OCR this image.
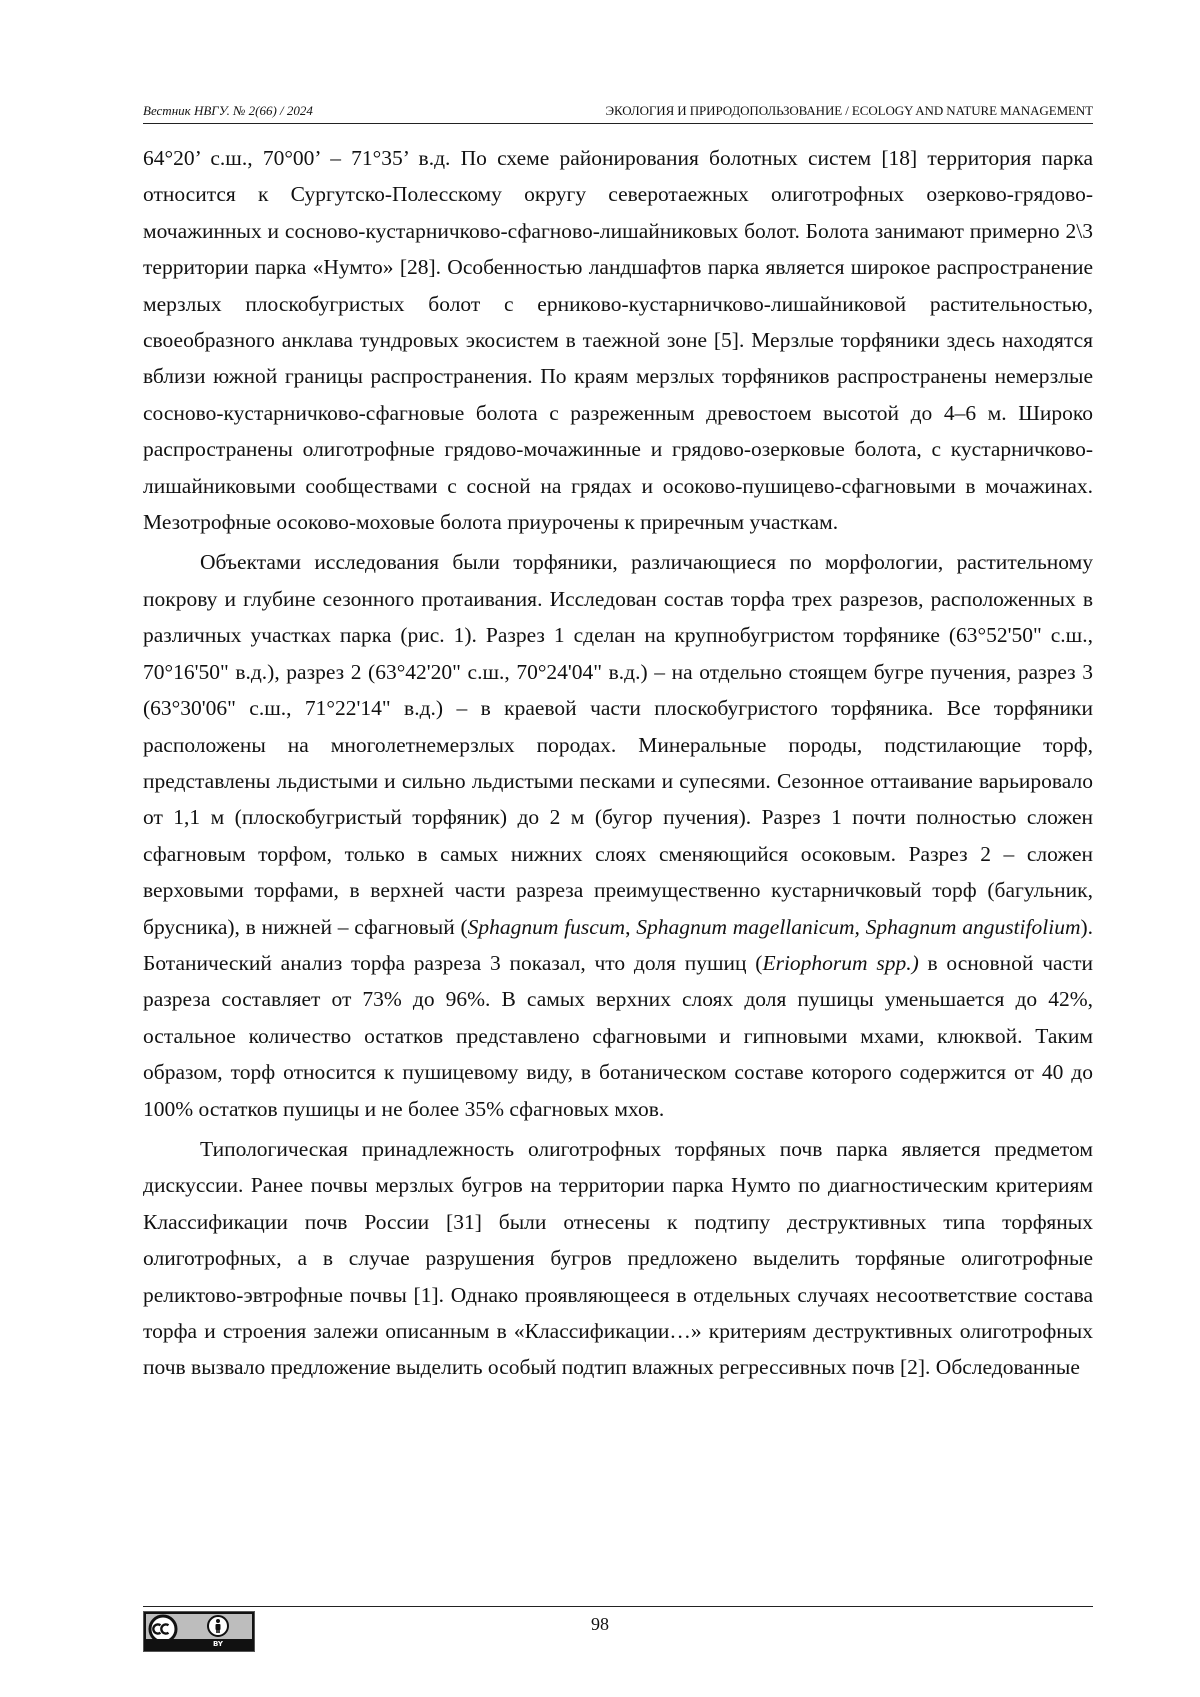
Вестник НВГУ. № 2(66) / 2024	ЭКОЛОГИЯ И ПРИРОДОПОЛЬЗОВАНИЕ / ECOLOGY AND NATURE MANAGEMENT

64°20’ с.ш., 70°00’ – 71°35’ в.д. По схеме районирования болотных систем [18] территория парка относится к Сургутско-Полесскому округу северотаежных олиготрофных озерково-грядово-мочажинных и сосново-кустарничково-сфагново-лишайниковых болот. Болота занимают примерно 2\3 территории парка «Нумто» [28]. Особенностью ландшафтов парка является широкое распространение мерзлых плоскобугристых болот с ерниково-кустарничково-лишайниковой растительностью, своеобразного анклава тундровых экосистем в таежной зоне [5]. Мерзлые торфяники здесь находятся вблизи южной границы распространения. По краям мерзлых торфяников распространены немерзлые сосново-кустарничково-сфагновые болота с разреженным древостоем высотой до 4–6 м. Широко распространены олиготрофные грядово-мочажинные и грядово-озерковые болота, с кустарничково-лишайниковыми сообществами с сосной на грядах и осоково-пушицево-сфагновыми в мочажинах. Мезотрофные осоково-моховые болота приурочены к приречным участкам.

Объектами исследования были торфяники, различающиеся по морфологии, растительному покрову и глубине сезонного протаивания. Исследован состав торфа трех разрезов, расположенных в различных участках парка (рис. 1). Разрез 1 сделан на крупнобугристом торфянике (63°52'50" с.ш., 70°16'50" в.д.), разрез 2 (63°42'20" с.ш., 70°24'04" в.д.) – на отдельно стоящем бугре пучения, разрез 3 (63°30'06" с.ш., 71°22'14" в.д.) – в краевой части плоскобугристого торфяника. Все торфяники расположены на многолетнемерзлых породах. Минеральные породы, подстилающие торф, представлены льдистыми и сильно льдистыми песками и супесями. Сезонное оттаивание варьировало от 1,1 м (плоскобугристый торфяник) до 2 м (бугор пучения). Разрез 1 почти полностью сложен сфагновым торфом, только в самых нижних слоях сменяющийся осоковым. Разрез 2 – сложен верховыми торфами, в верхней части разреза преимущественно кустарничковый торф (багульник, брусника), в нижней – сфагновый (Sphagnum fuscum, Sphagnum magellanicum, Sphagnum angustifolium). Ботанический анализ торфа разреза 3 показал, что доля пушиц (Eriophorum spp.) в основной части разреза составляет от 73% до 96%. В самых верхних слоях доля пушицы уменьшается до 42%, остальное количество остатков представлено сфагновыми и гипновыми мхами, клюквой. Таким образом, торф относится к пушицевому виду, в ботаническом составе которого содержится от 40 до 100% остатков пушицы и не более 35% сфагновых мхов.

Типологическая принадлежность олиготрофных торфяных почв парка является предметом дискуссии. Ранее почвы мерзлых бугров на территории парка Нумто по диагностическим критериям Классификации почв России [31] были отнесены к подтипу деструктивных типа торфяных олиготрофных, а в случае разрушения бугров предложено выделить торфяные олиготрофные реликтово-эвтрофные почвы [1]. Однако проявляющееся в отдельных случаях несоответствие состава торфа и строения залежи описанным в «Классификации…» критериям деструктивных олиготрофных почв вызвало предложение выделить особый подтип влажных регрессивных почв [2]. Обследованные

BY
98
